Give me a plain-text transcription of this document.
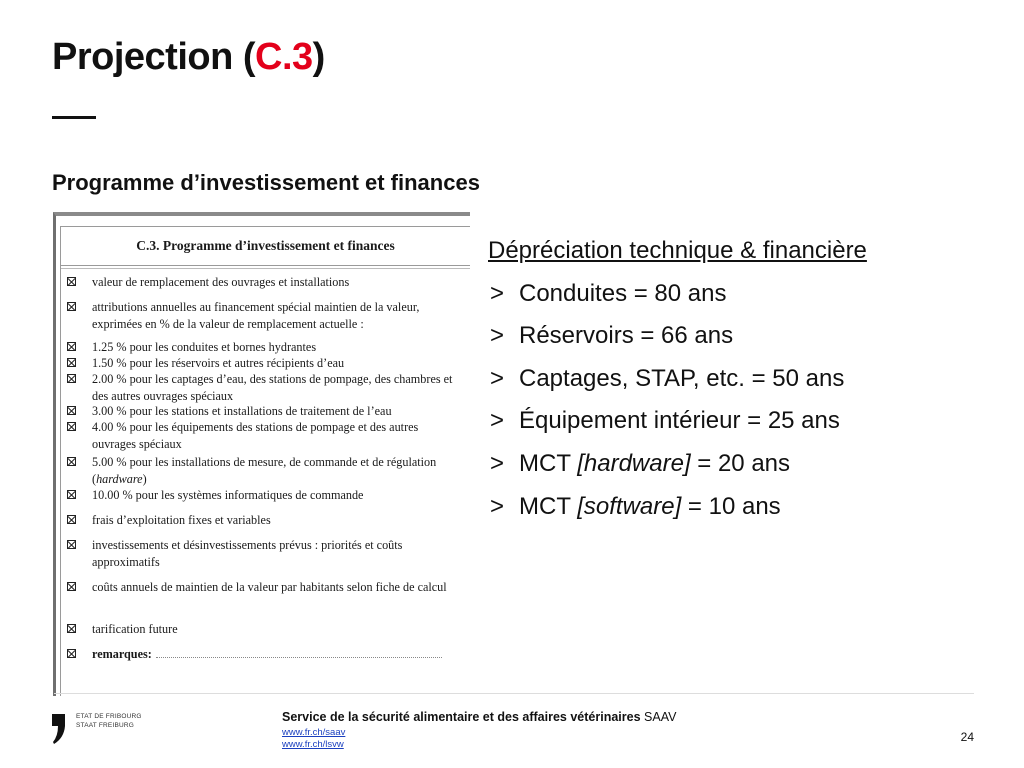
Projection (C.3)
Programme d’investissement et finances
C.3. Programme d’investissement et finances
valeur de remplacement des ouvrages et installations
attributions annuelles au financement spécial maintien de la valeur, exprimées en % de la valeur de remplacement actuelle :
1.25 % pour les conduites et bornes hydrantes
1.50 % pour les réservoirs et autres récipients d’eau
2.00 % pour les captages d’eau, des stations de pompage, des chambres et des autres ouvrages spéciaux
3.00 % pour les stations et installations de traitement de l’eau
4.00 % pour les équipements des stations de pompage et des autres ouvrages spéciaux
5.00 % pour les installations de mesure, de commande et de régulation (hardware)
10.00 % pour les systèmes informatiques de commande
frais d’exploitation fixes et variables
investissements et désinvestissements prévus : priorités et coûts approximatifs
coûts annuels de maintien de la valeur par habitants selon fiche de calcul
tarification future
remarques:
Dépréciation technique & financière
> Conduites = 80 ans
> Réservoirs = 66 ans
> Captages, STAP, etc. = 50 ans
> Équipement intérieur = 25 ans
> MCT [hardware] = 20 ans
> MCT [software] = 10 ans
ETAT DE FRIBOURG
STAAT FREIBURG
Service de la sécurité alimentaire et des affaires vétérinaires SAAV
www.fr.ch/saav
www.fr.ch/lsvw
24
